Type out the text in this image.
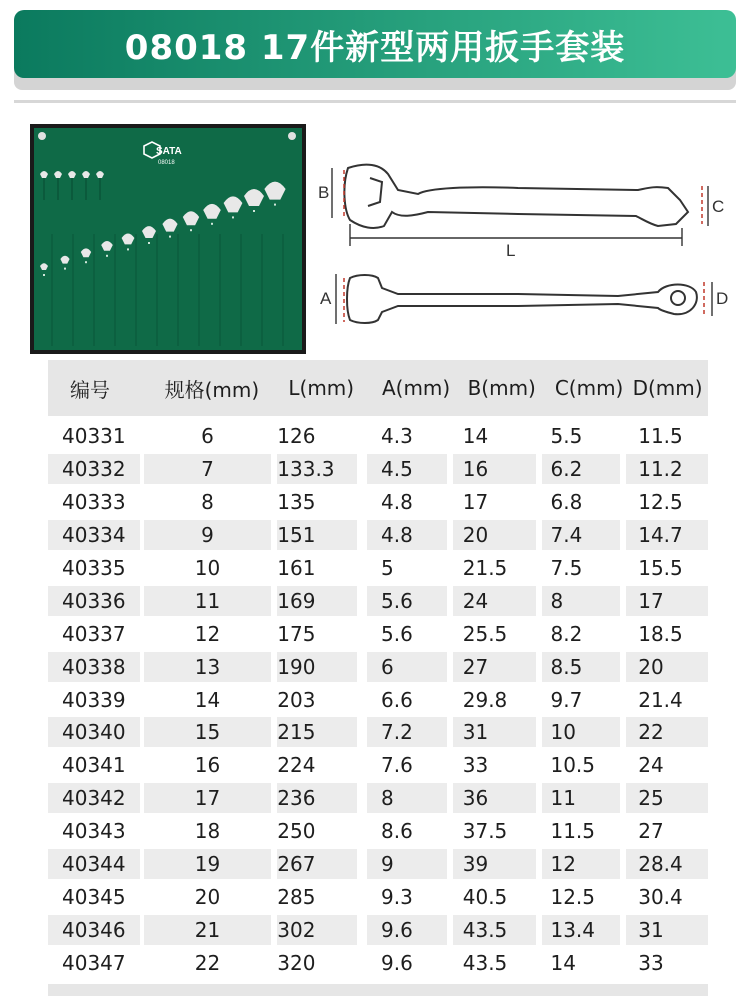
08018 17件新型两用扳手套装
SATA
08018
B
C
L
A	D
编号	规格(mm)	L(mm)	A(mm) B(mm) C(mm) D(mm)
40331	6	126	4.3	14	5.5	11.5
40332	7	133.3	4.5	16	6.2	11.2
40333	8	135	4.8	17	6.8	12.5
40334	9	151	4.8	20	7.4	14.7
40335	10	161	5	21.5	7.5	15.5
40336	11	169	5.6	24	8	17
40337	12	175	5.6	25.5	8.2	18.5
40338	13	190	6	27	8.5	20
40339	14	203	6.6	29.8	9.7	21.4
40340	15	215	7.2	31	10	22
40341	16	224	7.6	33	10.5	24
40342	17	236	8	36	11	25
40343	18	250	8.6	37.5	11.5	27
40344	19	267	9	39	12	28.4
40345	20	285	9.3	40.5	12.5	30.4
40346	21	302	9.6	43.5	13.4	31
40347	22	320	9.6	43.5	14	33
